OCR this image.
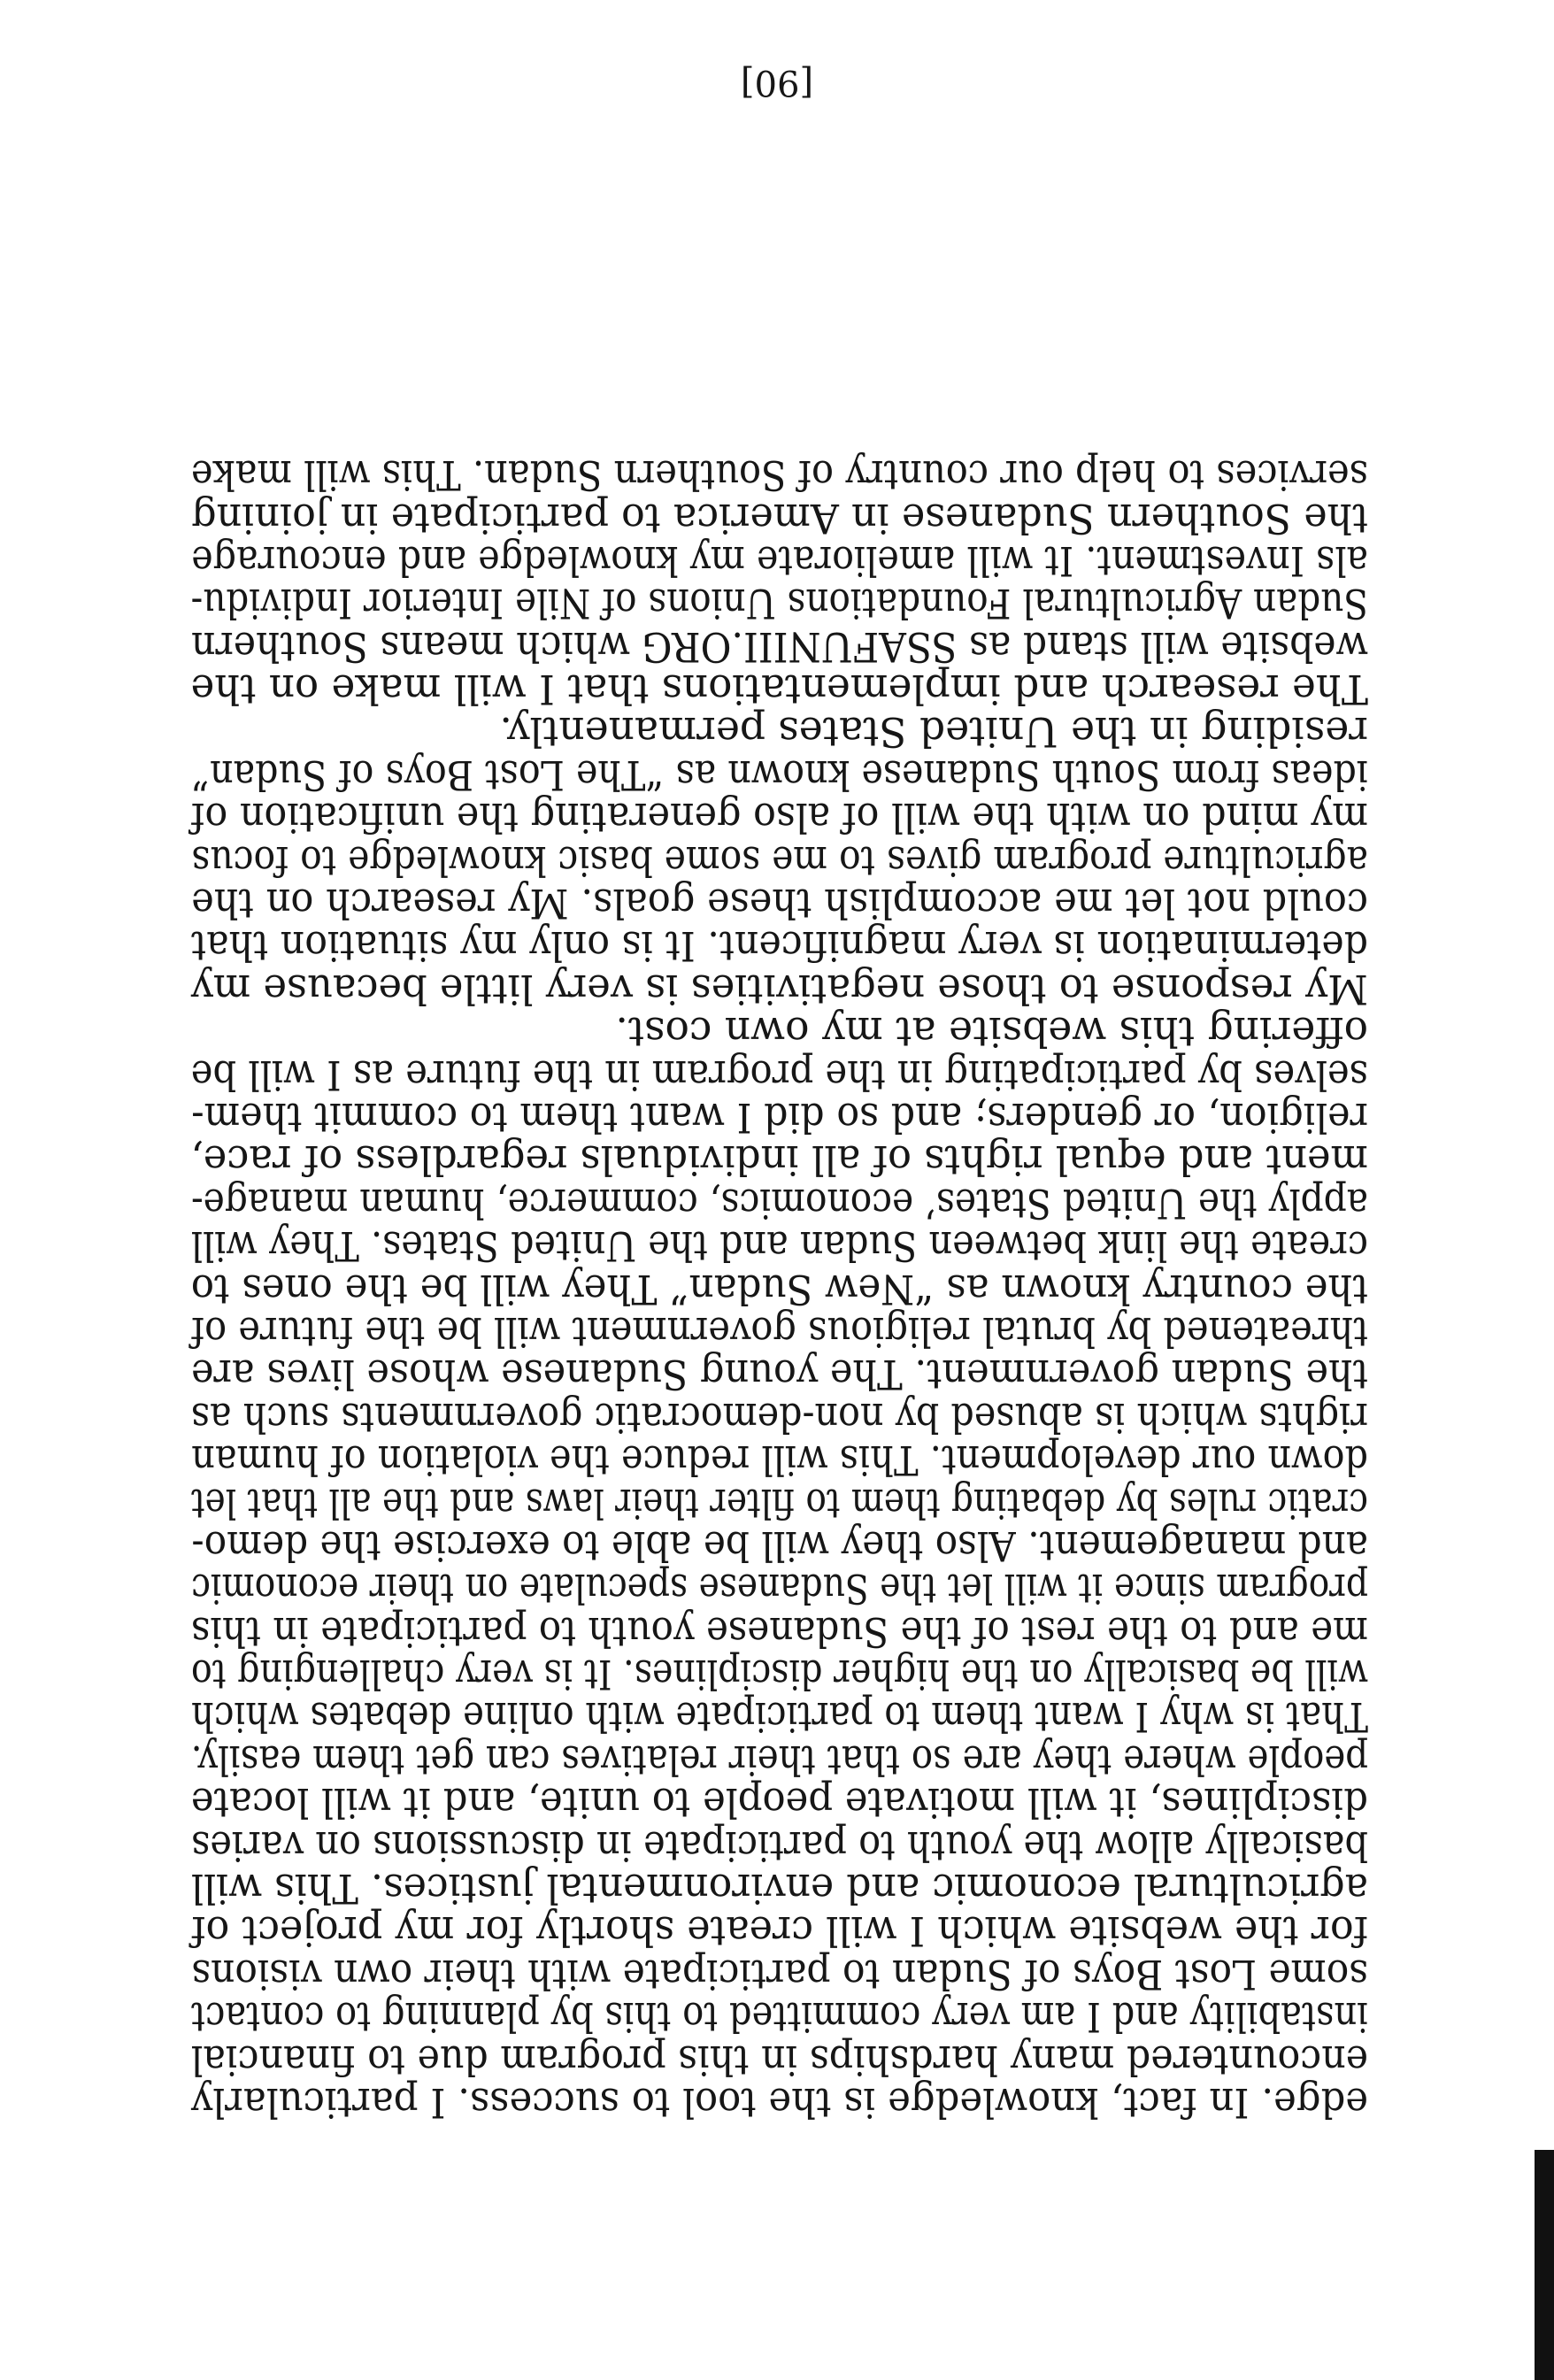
edge. In fact, knowledge is the tool to success. I particularly
encountered many hardships in this program due to financial
instability and I am very committed to this by planning to contact
some Lost Boys of Sudan to participate with their own visions
for the website which I will create shortly for my project of
agricultural economic and environmental justices. This will
basically allow the youth to participate in discussions on varies
disciplines, it will motivate people to unite, and it will locate
people where they are so that their relatives can get them easily.
That is why I want them to participate with online debates which
will be basically on the higher disciplines. It is very challenging to
me and to the rest of the Sudanese youth to participate in this
program since it will let the Sudanese speculate on their economic
and management. Also they will be able to exercise the demo-
cratic rules by debating them to filter their laws and the all that let
down our development. This will reduce the violation of human
rights which is abused by non-democratic governments such as
the Sudan government. The young Sudanese whose lives are
threatened by brutal religious government will be the future of
the country known as “New Sudan” They will be the ones to
create the link between Sudan and the United States. They will
apply the United States’ economics, commerce, human manage-
ment and equal rights of all individuals regardless of race,
religion, or genders; and so did I want them to commit them-
selves by participating in the program in the future as I will be
offering this website at my own cost.
My response to those negativities is very little because my
determination is very magnificent. It is only my situation that
could not let me accomplish these goals. My research on the
agriculture program gives to me some basic knowledge to focus
my mind on with the will of also generating the unification of
ideas from South Sudanese known as “The Lost Boys of Sudan”
residing in the United States permanently.
The research and implementations that I will make on the
website will stand as SSAFUNIII.ORG which means Southern
Sudan Agricultural Foundations Unions of Nile Interior Individu-
als Investment. It will ameliorate my knowledge and encourage
the Southern Sudanese in America to participate in joining
services to help our country of Southern Sudan. This will make
[90]
